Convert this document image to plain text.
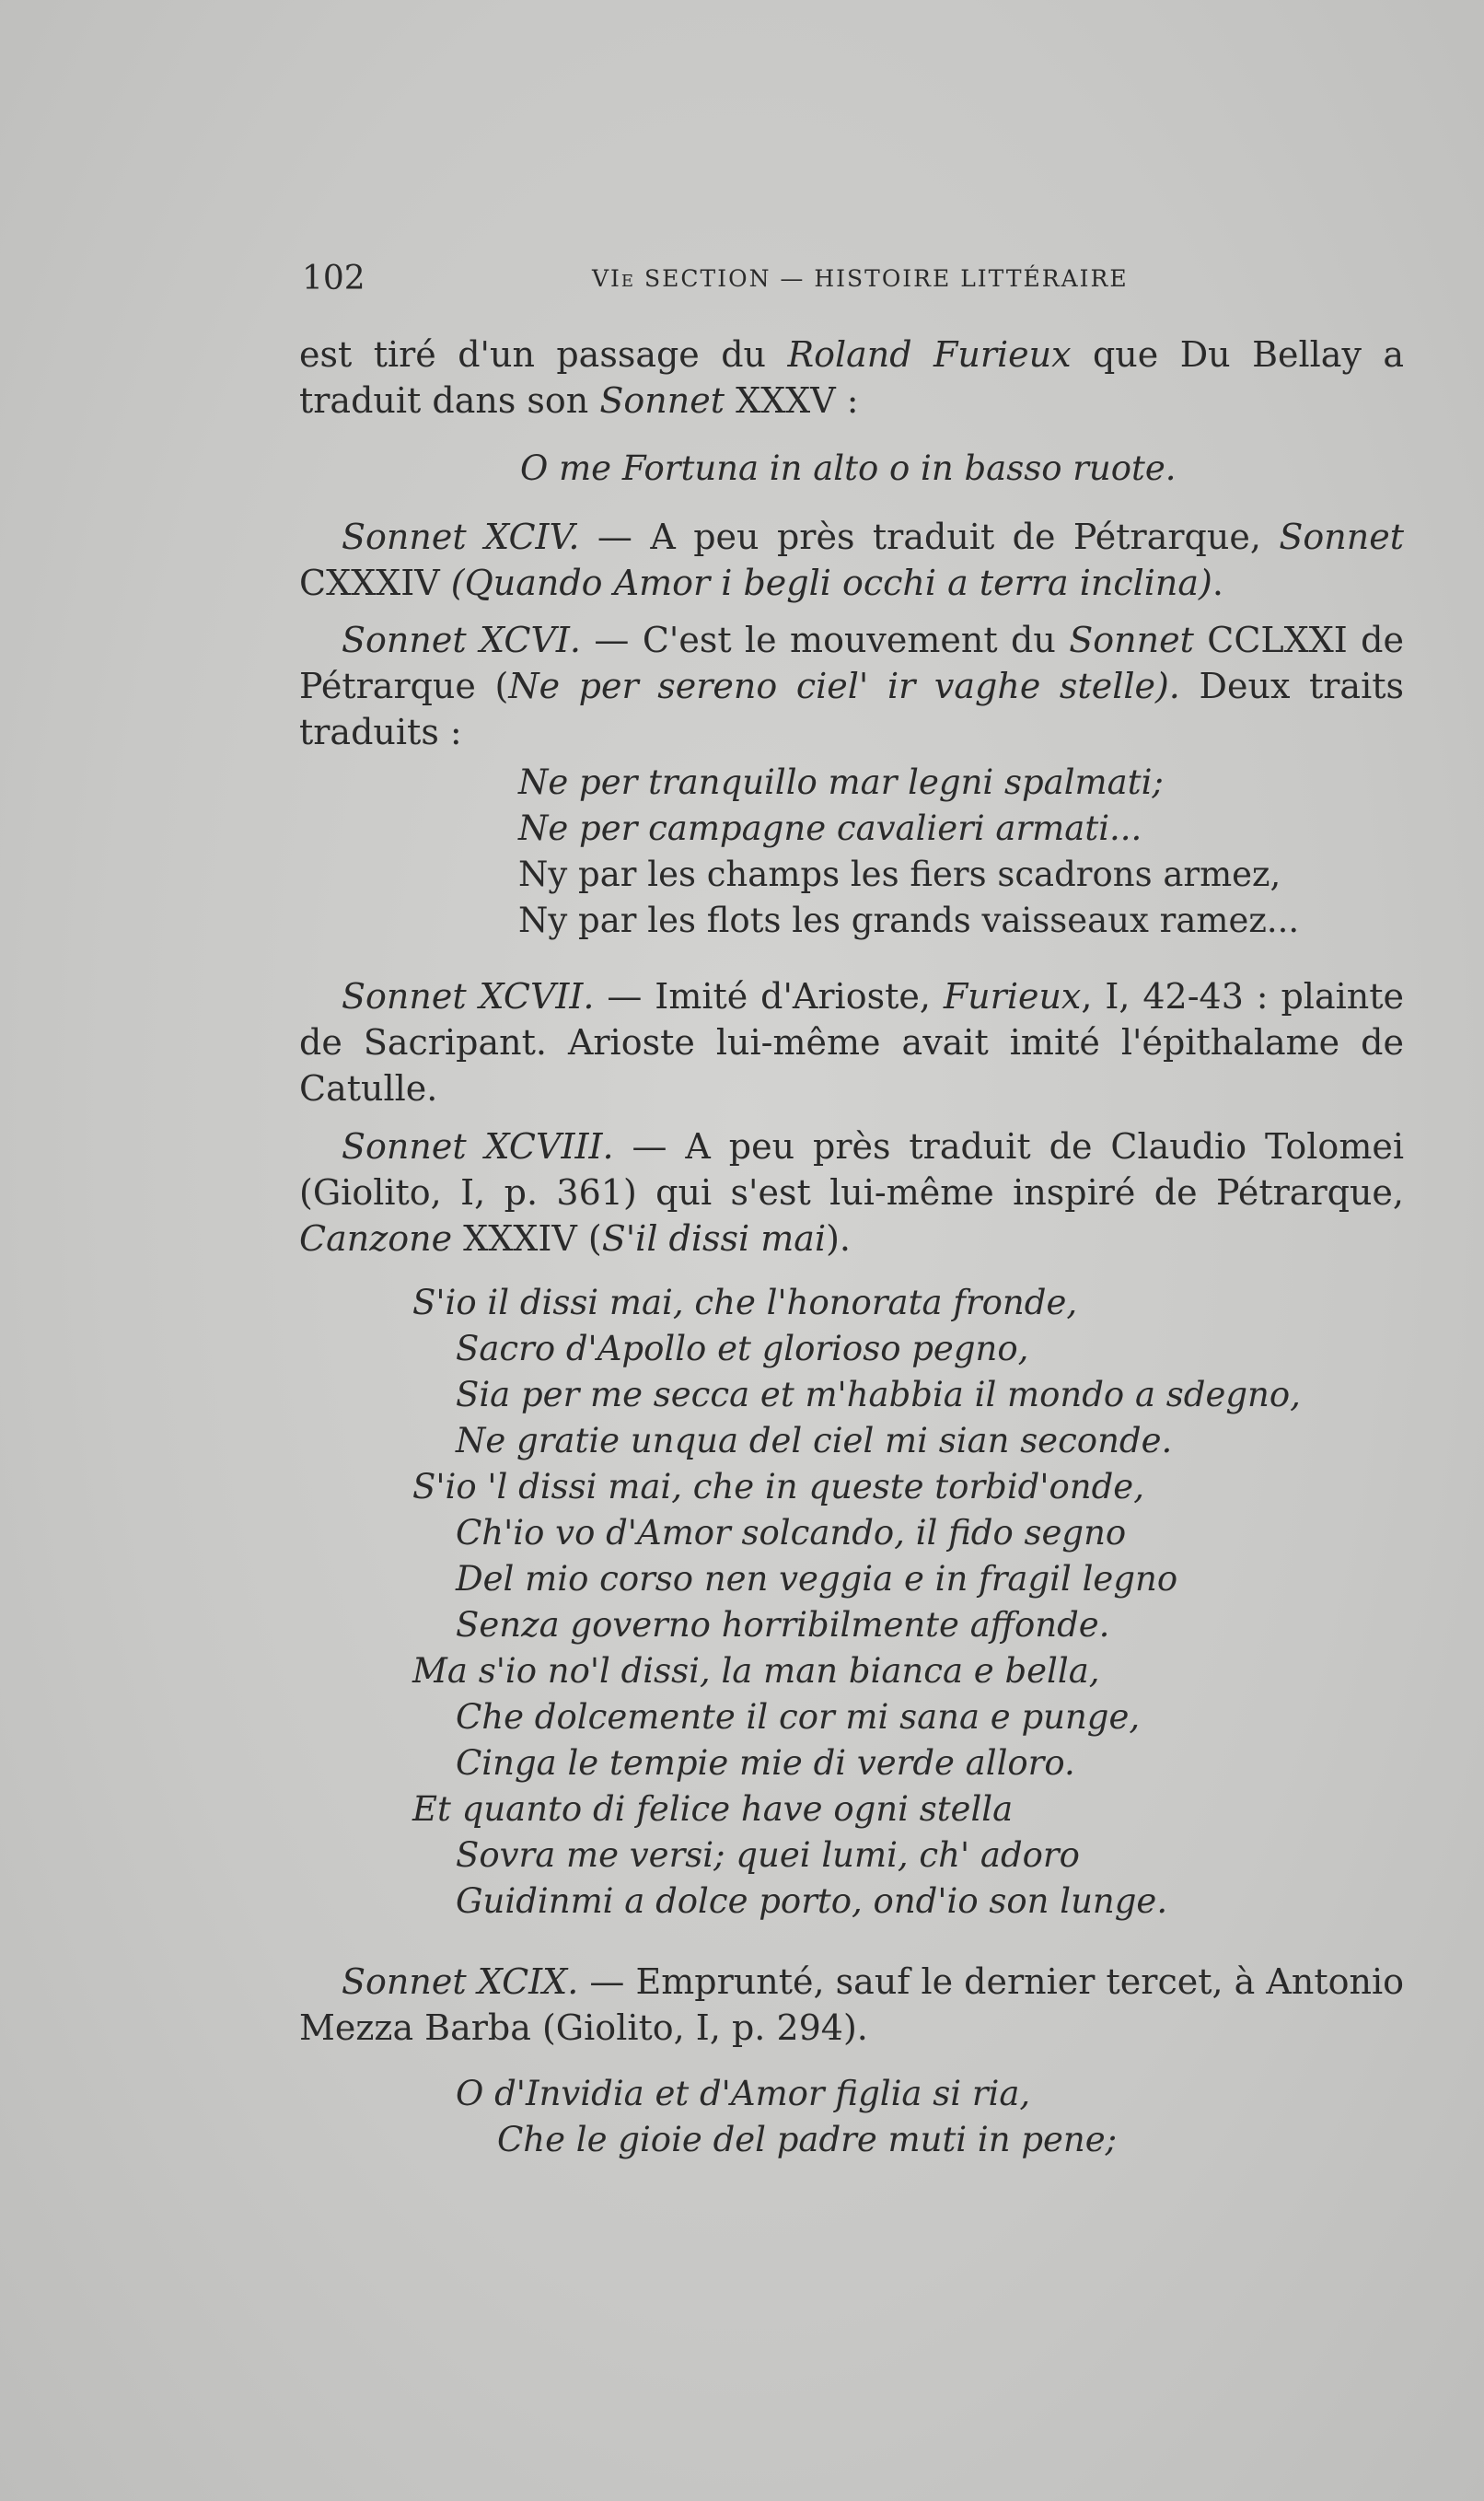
102	VIe SECTION — HISTOIRE LITTÉRAIRE

est tiré d'un passage du Roland Furieux que Du Bellay a traduit dans son Sonnet XXXV :

O me Fortuna in alto o in basso ruote.

Sonnet XCIV. — A peu près traduit de Pétrarque, Sonnet CXXXIV (Quando Amor i begli occhi a terra inclina).

Sonnet XCVI. — C'est le mouvement du Sonnet CCLXXI de Pétrarque (Ne per sereno ciel' ir vaghe stelle). Deux traits traduits :

Ne per tranquillo mar legni spalmati;
Ne per campagne cavalieri armati...
Ny par les champs les fiers scadrons armez,
Ny par les flots les grands vaisseaux ramez...

Sonnet XCVII. — Imité d'Arioste, Furieux, I, 42-43 : plainte de Sacripant. Arioste lui-même avait imité l'épithalame de Catulle.

Sonnet XCVIII. — A peu près traduit de Claudio Tolomei (Giolito, I, p. 361) qui s'est lui-même inspiré de Pétrarque, Canzone XXXIV (S'il dissi mai).

S'io il dissi mai, che l'honorata fronde,
Sacro d'Apollo et glorioso pegno,
Sia per me secca et m'habbia il mondo a sdegno,
Ne gratie unqua del ciel mi sian seconde.
S'io 'l dissi mai, che in queste torbid'onde,
Ch'io vo d'Amor solcando, il fido segno
Del mio corso nen veggia e in fragil legno
Senza governo horribilmente affonde.
Ma s'io no'l dissi, la man bianca e bella,
Che dolcemente il cor mi sana e punge,
Cinga le tempie mie di verde alloro.
Et quanto di felice have ogni stella
Sovra me versi; quei lumi, ch' adoro
Guidinmi a dolce porto, ond'io son lunge.

Sonnet XCIX. — Emprunté, sauf le dernier tercet, à Antonio Mezza Barba (Giolito, I, p. 294).

O d'Invidia et d'Amor figlia si ria,
Che le gioie del padre muti in pene;
